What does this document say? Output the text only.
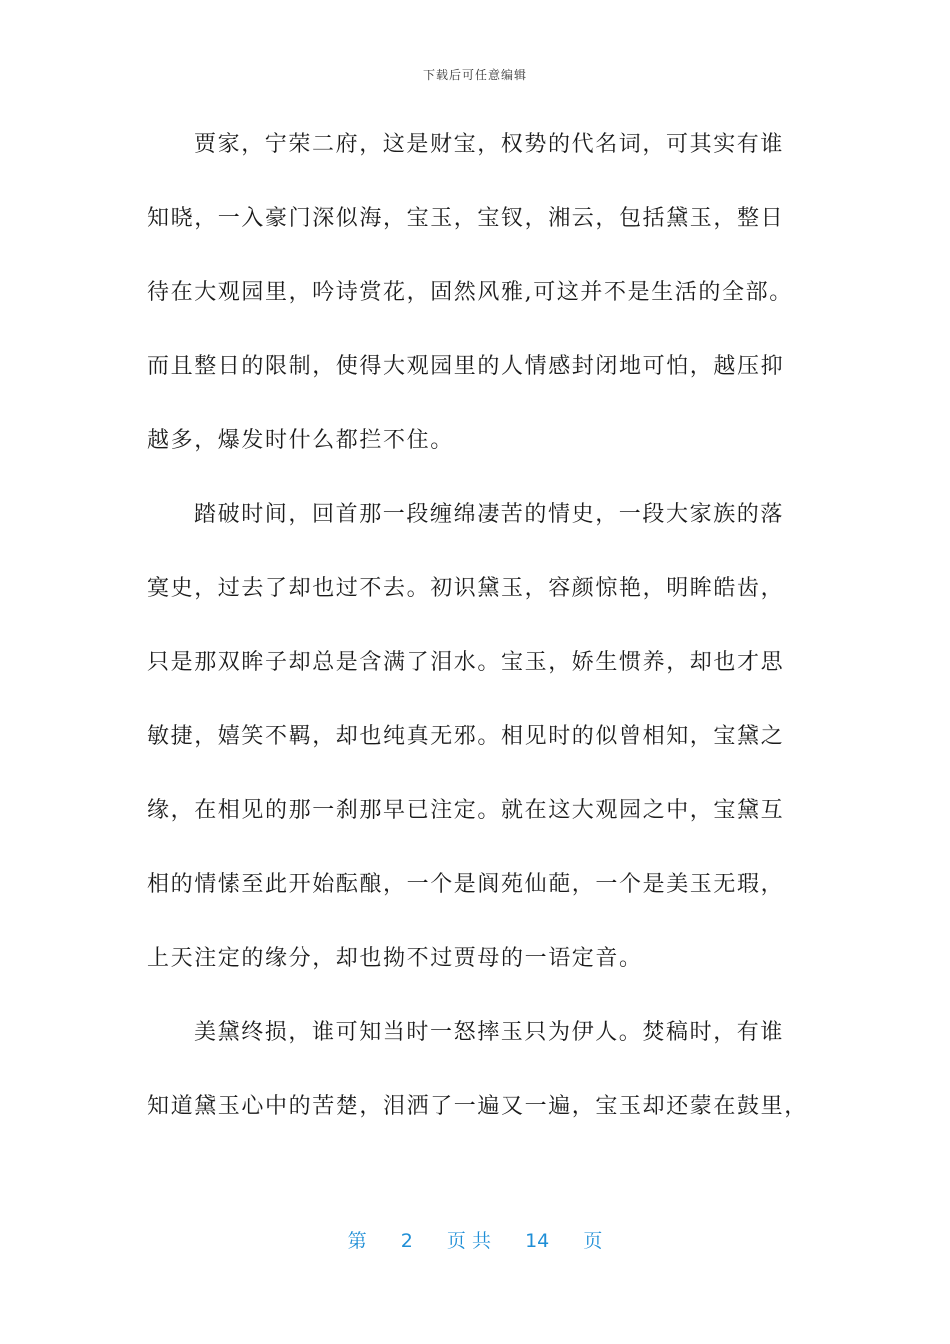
下载后可任意编辑
贾家，宁荣二府，这是财宝，权势的代名词，可其实有谁
知晓，一入豪门深似海，宝玉，宝钗，湘云，包括黛玉，整日
待在大观园里，吟诗赏花，固然风雅,可这并不是生活的全部。
而且整日的限制，使得大观园里的人情感封闭地可怕，越压抑
越多，爆发时什么都拦不住。
踏破时间，回首那一段缠绵凄苦的情史，一段大家族的落
寞史，过去了却也过不去。初识黛玉，容颜惊艳，明眸皓齿，
只是那双眸子却总是含满了泪水。宝玉，娇生惯养，却也才思
敏捷，嬉笑不羁，却也纯真无邪。相见时的似曾相知，宝黛之
缘，在相见的那一刹那早已注定。就在这大观园之中，宝黛互
相的情愫至此开始酝酿，一个是阆苑仙葩，一个是美玉无瑕，
上天注定的缘分，却也拗不过贾母的一语定音。
美黛终损，谁可知当时一怒摔玉只为伊人。焚稿时，有谁
知道黛玉心中的苦楚，泪洒了一遍又一遍，宝玉却还蒙在鼓里，
第 2 页 共 14 页
